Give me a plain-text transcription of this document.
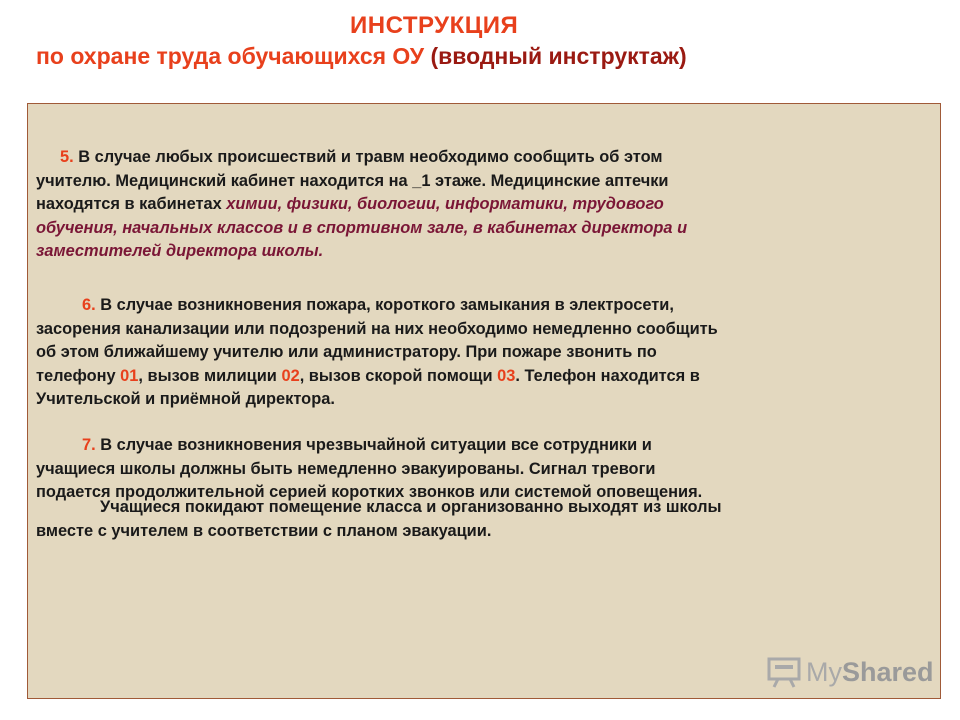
ИНСТРУКЦИЯ
по охране труда обучающихся ОУ (вводный инструктаж)
5. В случае любых происшествий и травм необходимо сообщить об этом
учителю. Медицинский кабинет находится на _1 этаже. Медицинские аптечки
находятся в кабинетах химии, физики, биологии, информатики, трудового
обучения, начальных классов и в спортивном зале, в кабинетах директора и
заместителей директора школы.
6. В случае возникновения пожара, короткого замыкания в электросети,
засорения канализации или подозрений на них необходимо немедленно сообщить
об этом ближайшему учителю или администратору. При пожаре звонить по
телефону 01, вызов милиции 02, вызов скорой помощи 03. Телефон находится в
Учительской и приёмной директора.
7. В случае возникновения чрезвычайной ситуации все сотрудники и
учащиеся школы должны быть немедленно эвакуированы. Сигнал тревоги
подается продолжительной серией коротких звонков или системой оповещения.
Учащиеся покидают помещение класса и организованно выходят из школы
вместе с учителем в соответствии с планом эвакуации.
MyShared
